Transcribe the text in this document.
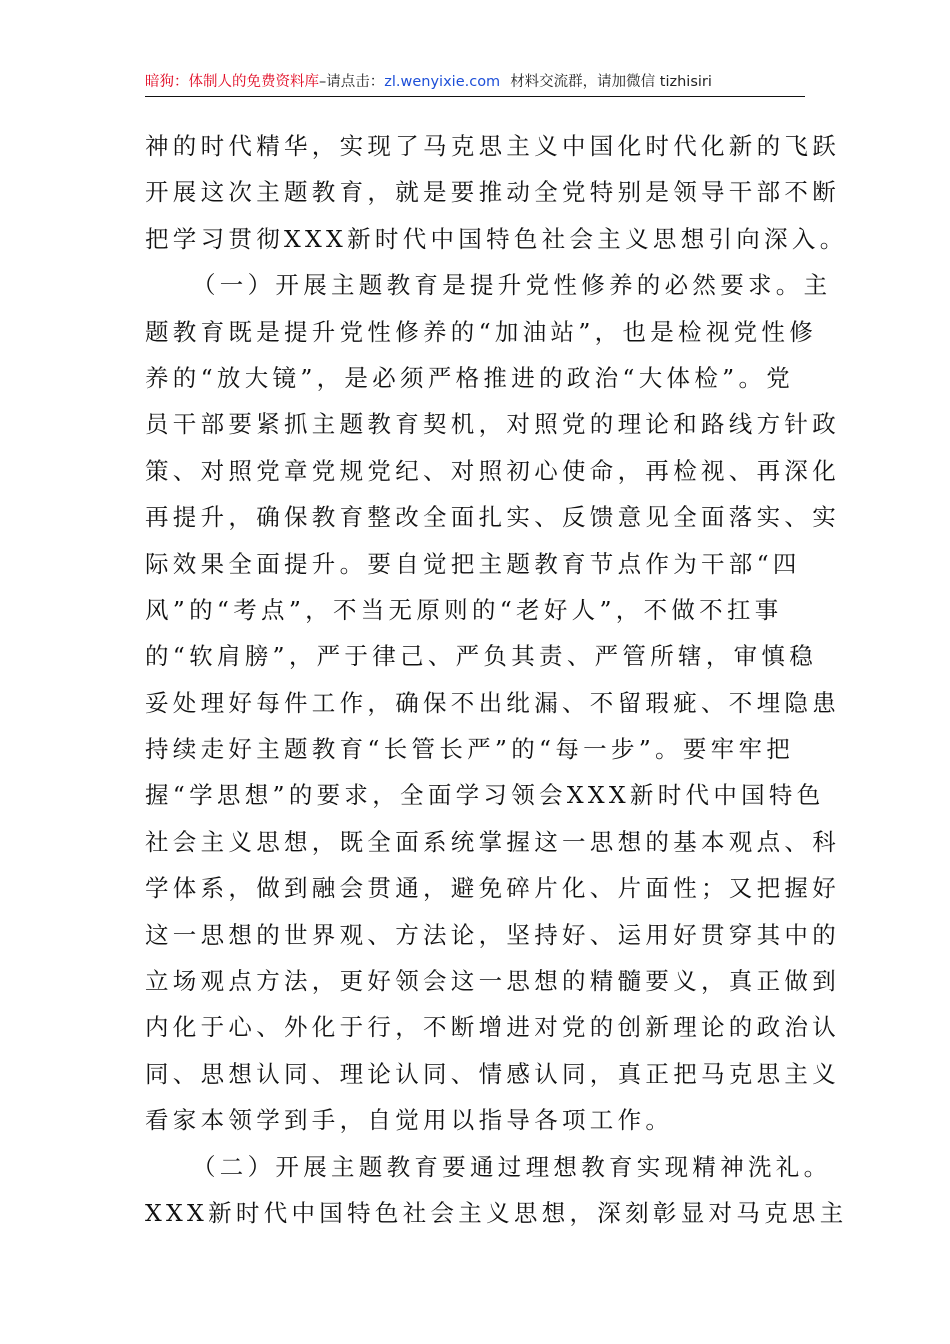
暗狗：体制人的免费资料库–请点击：zl.wenyixie.com 材料交流群，请加微信 tizhisiri
神的时代精华，实现了马克思主义中国化时代化新的飞跃
开展这次主题教育，就是要推动全党特别是领导干部不断
把学习贯彻XXX新时代中国特色社会主义思想引向深入。
（一）开展主题教育是提升党性修养的必然要求。主
题教育既是提升党性修养的“加油站”，也是检视党性修
养的“放大镜”，是必须严格推进的政治“大体检”。党
员干部要紧抓主题教育契机，对照党的理论和路线方针政
策、对照党章党规党纪、对照初心使命，再检视、再深化
再提升，确保教育整改全面扎实、反馈意见全面落实、实
际效果全面提升。要自觉把主题教育节点作为干部“四
风”的“考点”，不当无原则的“老好人”，不做不扛事
的“软肩膀”，严于律己、严负其责、严管所辖，审慎稳
妥处理好每件工作，确保不出纰漏、不留瑕疵、不埋隐患
持续走好主题教育“长管长严”的“每一步”。要牢牢把
握“学思想”的要求，全面学习领会XXX新时代中国特色
社会主义思想，既全面系统掌握这一思想的基本观点、科
学体系，做到融会贯通，避免碎片化、片面性；又把握好
这一思想的世界观、方法论，坚持好、运用好贯穿其中的
立场观点方法，更好领会这一思想的精髓要义，真正做到
内化于心、外化于行，不断增进对党的创新理论的政治认
同、思想认同、理论认同、情感认同，真正把马克思主义
看家本领学到手，自觉用以指导各项工作。
（二）开展主题教育要通过理想教育实现精神洗礼。
XXX新时代中国特色社会主义思想，深刻彰显对马克思主
